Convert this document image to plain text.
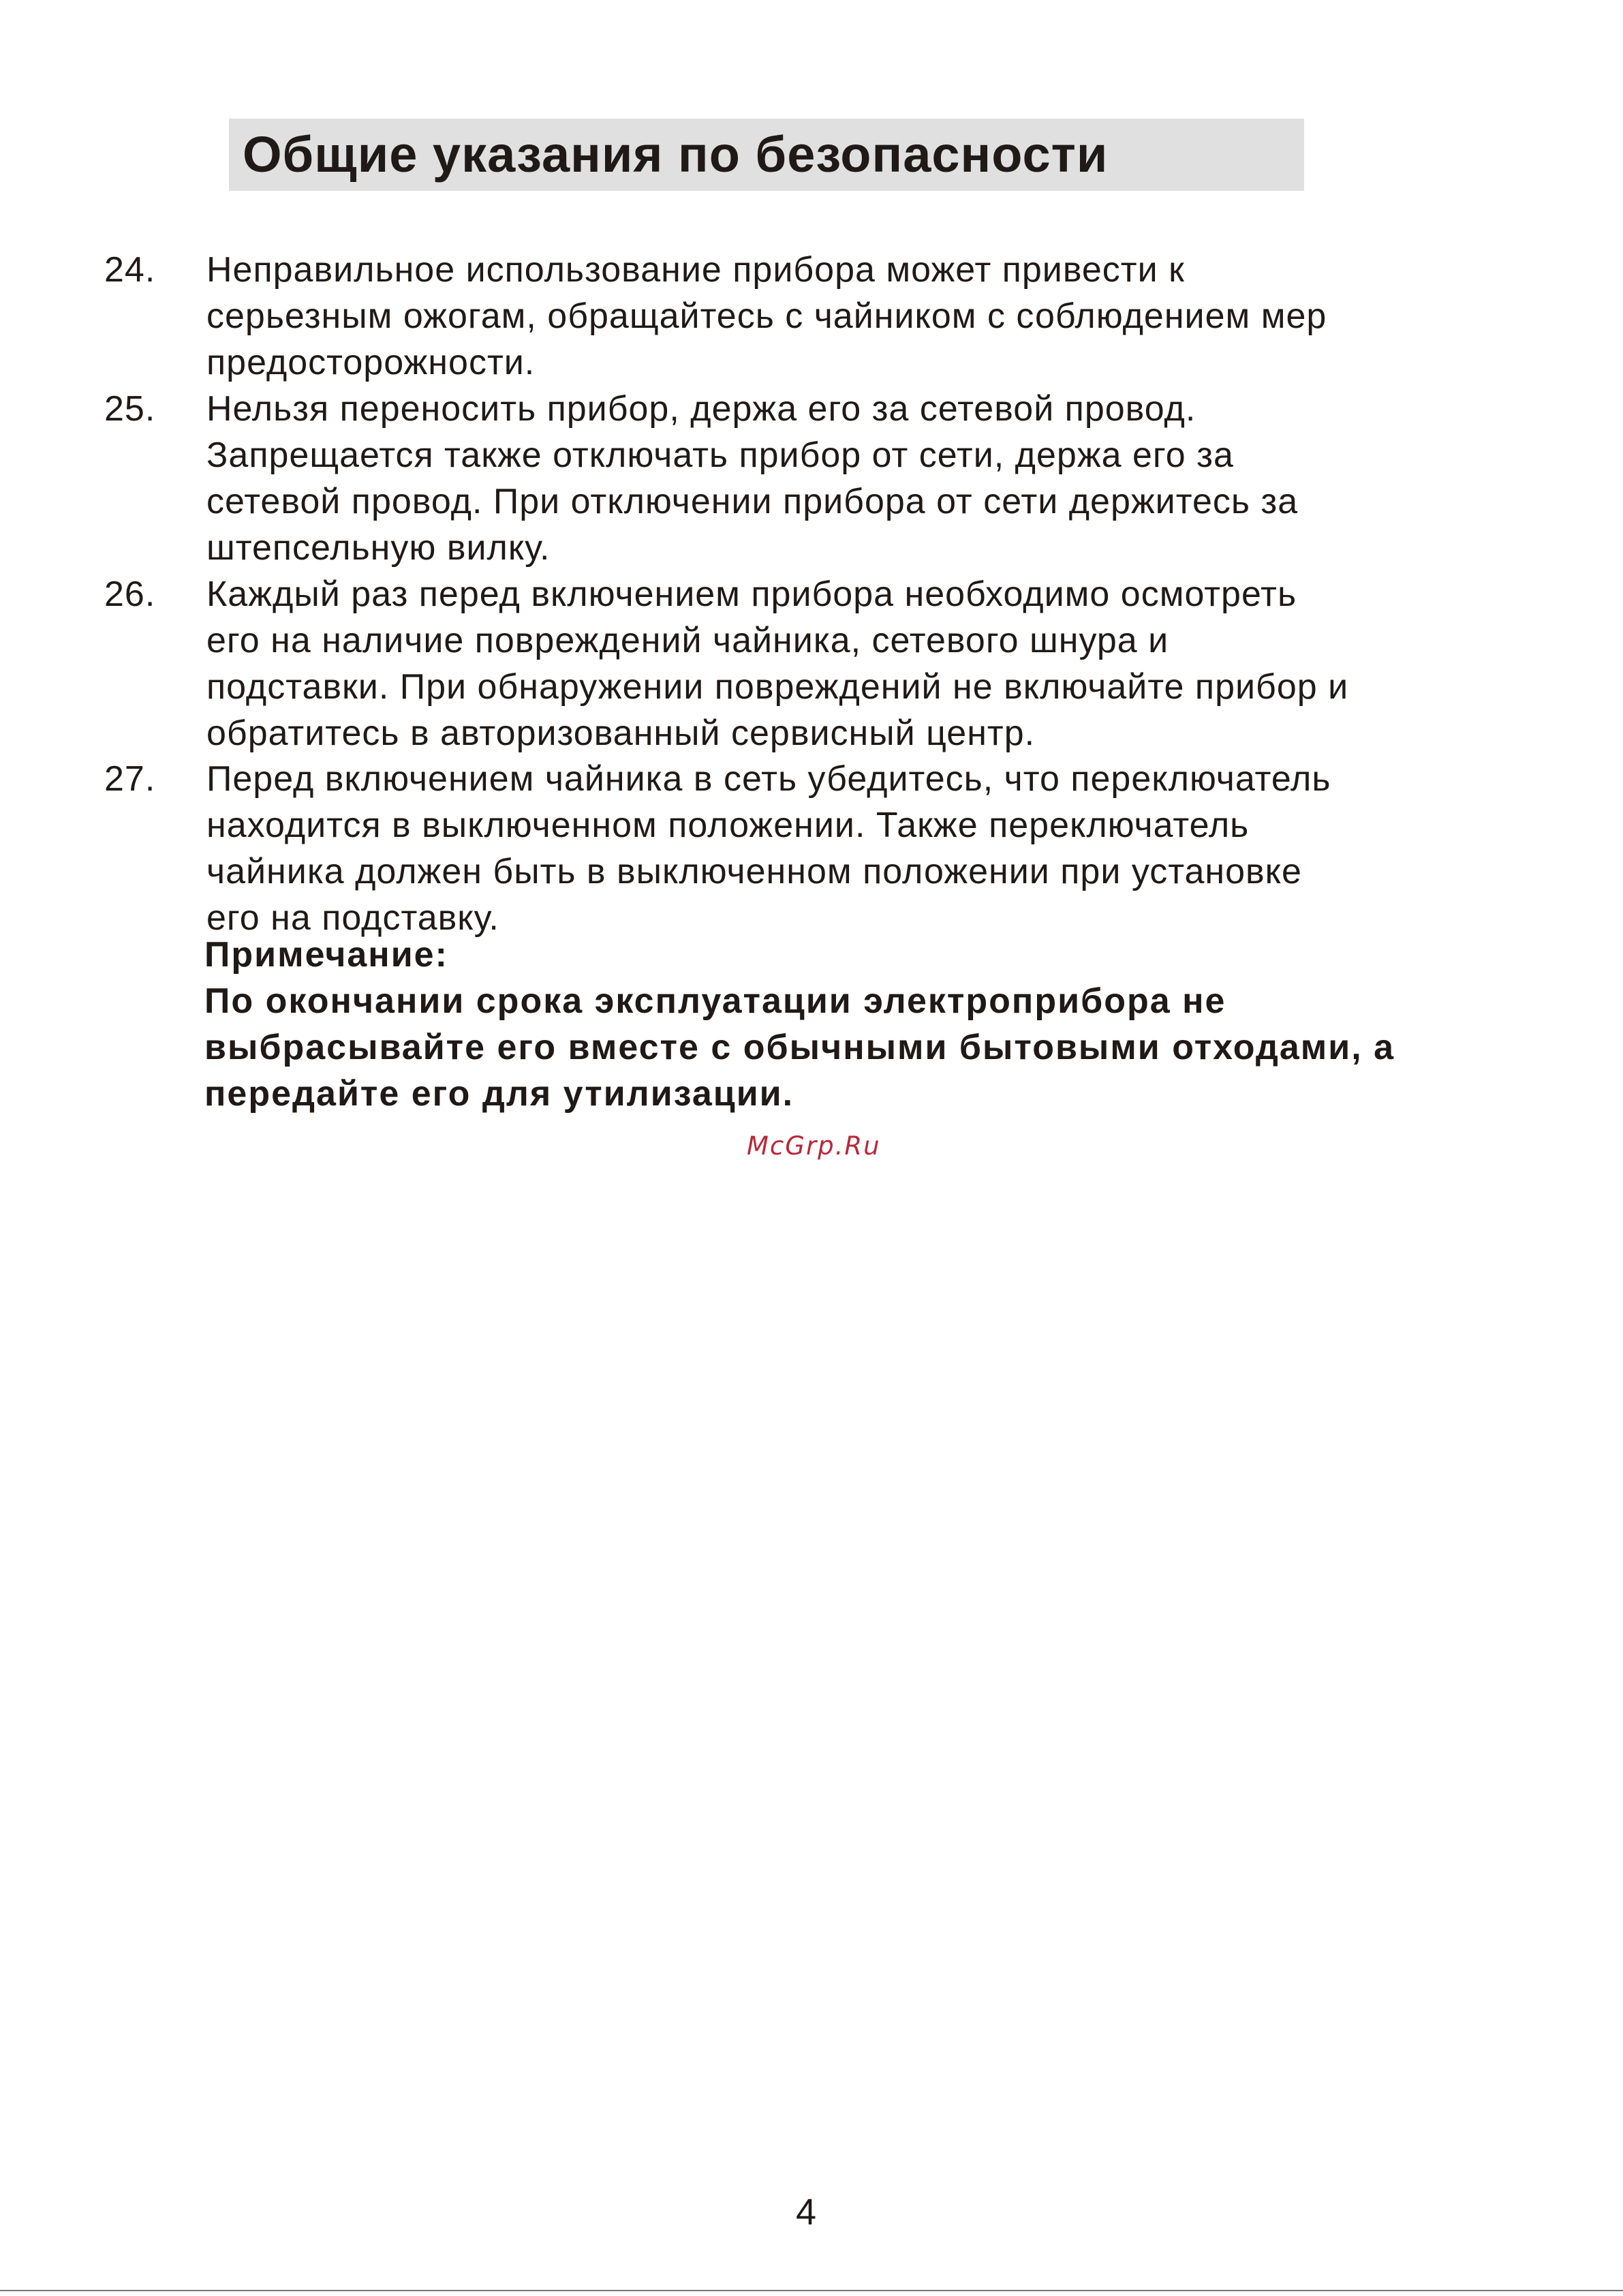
Общие указания по безопасности
24.	Неправильное использование прибора может привести к
серьезным ожогам, обращайтесь с чайником с соблюдением мер
предосторожности.
25.	Нельзя переносить прибор, держа его за сетевой провод.
Запрещается также отключать прибор от сети, держа его за
сетевой провод. При отключении прибора от сети держитесь за
штепсельную вилку.
26.	Каждый раз перед включением прибора необходимо осмотреть
его на наличие повреждений чайника, сетевого шнура и
подставки. При обнаружении повреждений не включайте прибор и
обратитесь в авторизованный сервисный центр.
27.	Перед включением чайника в сеть убедитесь, что переключатель
находится в выключенном положении. Также переключатель
чайника должен быть в выключенном положении при установке
его на подставку.
Примечание:
По окончании срока эксплуатации электроприбора не
выбрасывайте его вместе с обычными бытовыми отходами, а
передайте его для утилизации.
McGrp.Ru
4
